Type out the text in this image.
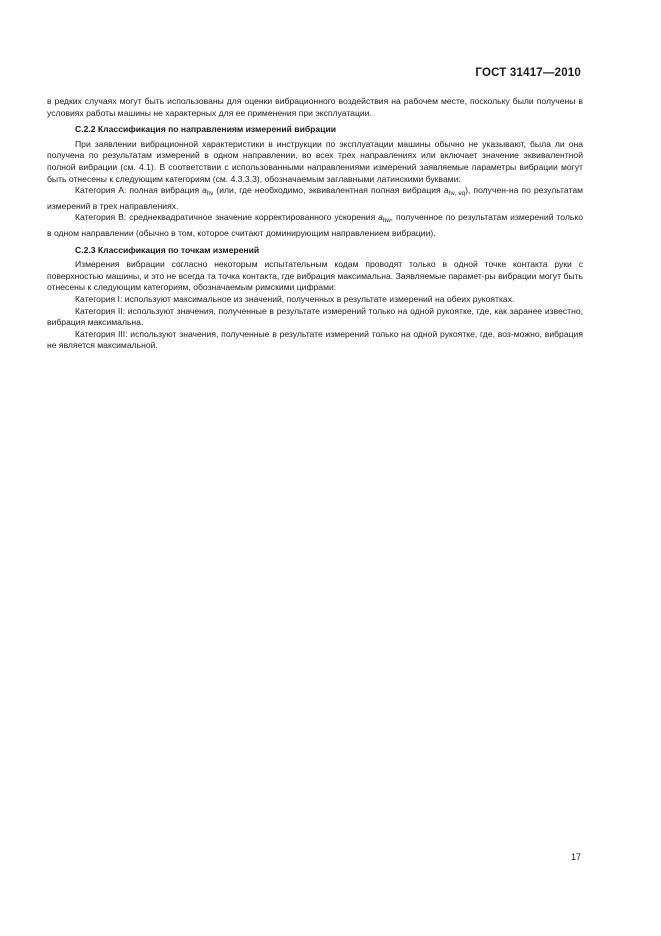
ГОСТ 31417—2010

в редких случаях могут быть использованы для оценки вибрационного воздействия на рабочем месте, поскольку были получены в условиях работы машины не характерных для ее применения при эксплуатации.

С.2.2 Классификация по направлениям измерений вибрации

При заявлении вибрационной характеристики в инструкции по эксплуатации машины обычно не указывают, была ли она получена по результатам измерений в одном направлении, во всех трех направлениях или включает значение эквивалентной полной вибрации (см. 4.1). В соответствии с использованными направлениями измерений заявляемые параметры вибрации могут быть отнесены к следующим категориям (см. 4.3.3.3), обозначаемым заглавными латинскими буквами:

Категория А: полная вибрация $a_{hv}$ (или, где необходимо, эквивалентная полная вибрация $a_{hv, eq}$), получен-на по результатам измерений в трех направлениях.

Категория В: среднеквадратичное значение корректированного ускорения $a_{hw}$, полученное по результатам измерений только в одном направлении (обычно в том, которое считают доминирующим направлением вибрации).

С.2.3 Классификация по точкам измерений

Измерения вибрации согласно некоторым испытательным кодам проводят только в одной точке контакта руки с поверхностью машины, и это не всегда та точка контакта, где вибрация максимальна. Заявляемые парамет-ры вибрации могут быть отнесены к следующим категориям, обозначаемым римскими цифрами:

Категория I: используют максимальное из значений, полученных в результате измерений на обеих рукоятках.

Категория II: используют значения, полученные в результате измерений только на одной рукоятке, где, как заранее известно, вибрация максимальна.

Категория III: используют значения, полученные в результате измерений только на одной рукоятке, где, воз-можно, вибрация не является максимальной.

17
